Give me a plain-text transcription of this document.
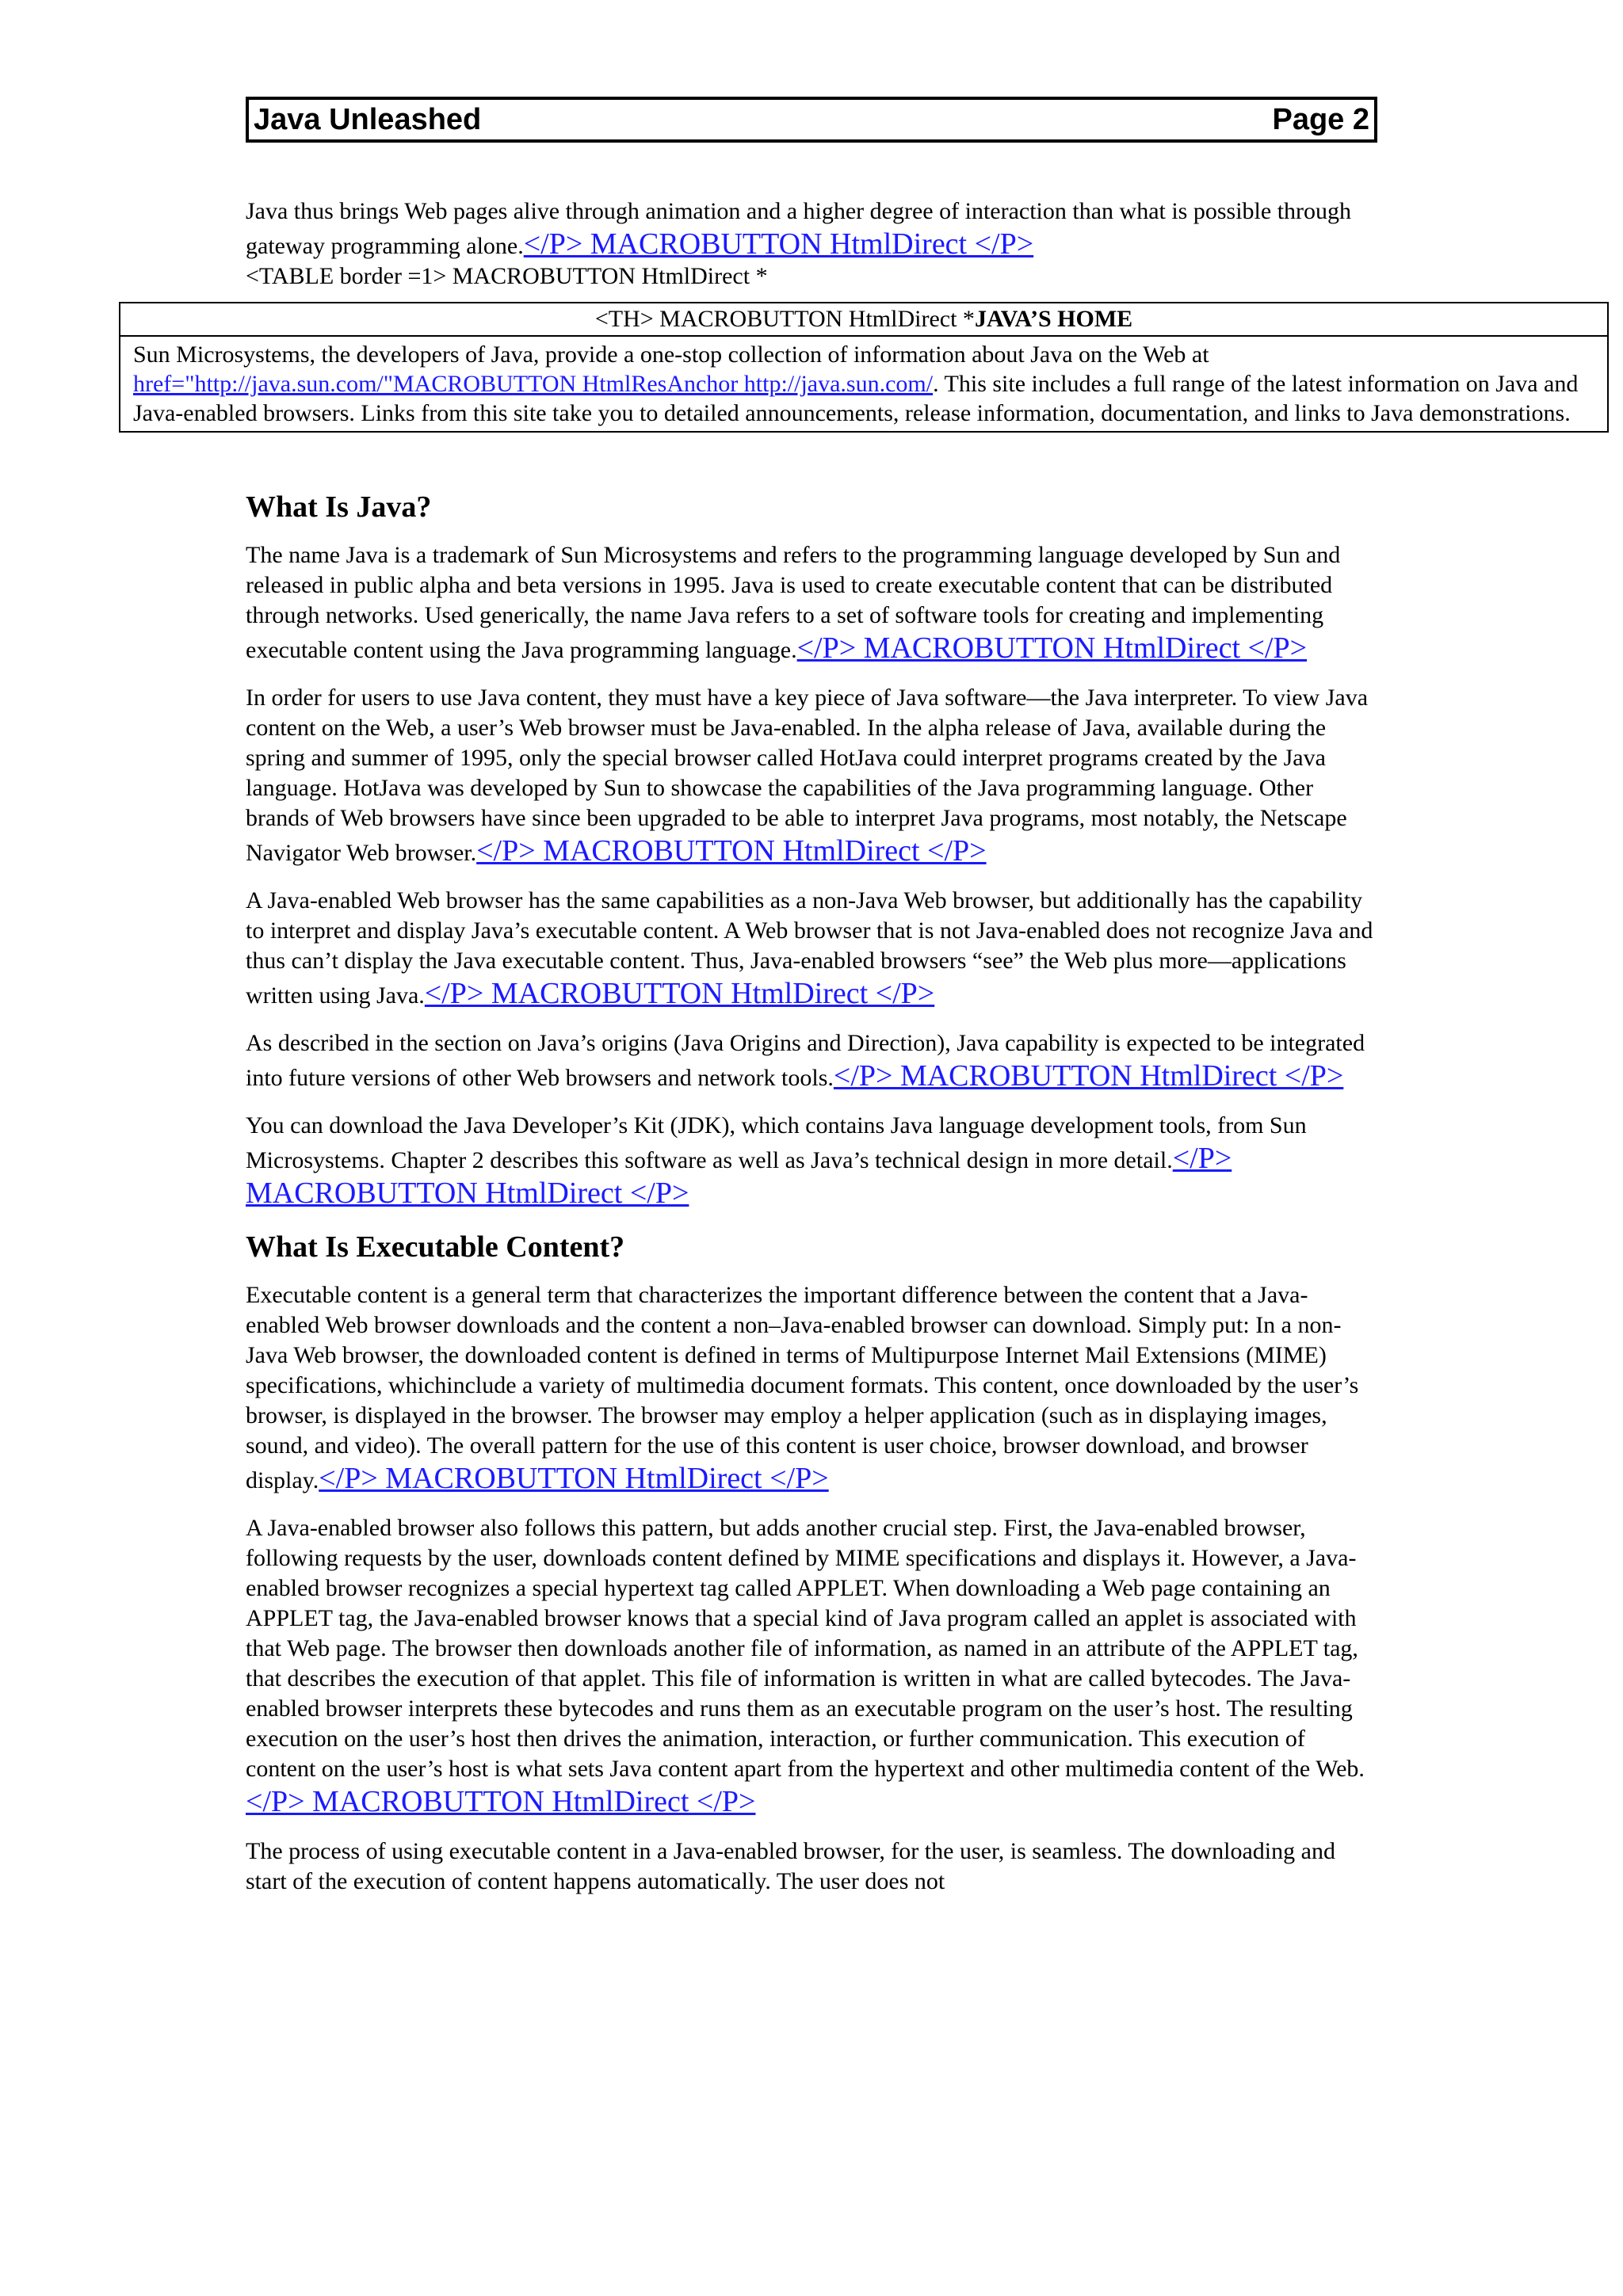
Java Unleashed	Page 2
Java thus brings Web pages alive through animation and a higher degree of interaction than what is possible through gateway programming alone.</P> MACROBUTTON HtmlDirect </P>
<TABLE border =1> MACROBUTTON HtmlDirect *
<TH> MACROBUTTON HtmlDirect *JAVA’S HOME
Sun Microsystems, the developers of Java, provide a one-stop collection of information about Java on the Web at href="http://java.sun.com/"MACROBUTTON HtmlResAnchor http://java.sun.com/. This site includes a full range of the latest information on Java and Java-enabled browsers. Links from this site take you to detailed announcements, release information, documentation, and links to Java demonstrations.
What Is Java?

The name Java is a trademark of Sun Microsystems and refers to the programming language developed by Sun and released in public alpha and beta versions in 1995. Java is used to create executable content that can be distributed through networks. Used generically, the name Java refers to a set of software tools for creating and implementing executable content using the Java programming language.</P> MACROBUTTON HtmlDirect </P>

In order for users to use Java content, they must have a key piece of Java software—the Java interpreter. To view Java content on the Web, a user’s Web browser must be Java-enabled. In the alpha release of Java, available during the spring and summer of 1995, only the special browser called HotJava could interpret programs created by the Java language. HotJava was developed by Sun to showcase the capabilities of the Java programming language. Other brands of Web browsers have since been upgraded to be able to interpret Java programs, most notably, the Netscape Navigator Web browser.</P> MACROBUTTON HtmlDirect </P>

A Java-enabled Web browser has the same capabilities as a non-Java Web browser, but additionally has the capability to interpret and display Java’s executable content. A Web browser that is not Java-enabled does not recognize Java and thus can’t display the Java executable content. Thus, Java-enabled browsers “see” the Web plus more—applications written using Java.</P> MACROBUTTON HtmlDirect </P>

As described in the section on Java’s origins (Java Origins and Direction), Java capability is expected to be integrated into future versions of other Web browsers and network tools.</P> MACROBUTTON HtmlDirect </P>

You can download the Java Developer’s Kit (JDK), which contains Java language development tools, from Sun Microsystems. Chapter 2 describes this software as well as Java’s technical design in more detail.</P> MACROBUTTON HtmlDirect </P>

What Is Executable Content?

Executable content is a general term that characterizes the important difference between the content that a Java-enabled Web browser downloads and the content a non–Java-enabled browser can download. Simply put: In a non-Java Web browser, the downloaded content is defined in terms of Multipurpose Internet Mail Extensions (MIME) specifications, whichinclude a variety of multimedia document formats. This content, once downloaded by the user’s browser, is displayed in the browser. The browser may employ a helper application (such as in displaying images, sound, and video). The overall pattern for the use of this content is user choice, browser download, and browser display.</P> MACROBUTTON HtmlDirect </P>

A Java-enabled browser also follows this pattern, but adds another crucial step. First, the Java-enabled browser, following requests by the user, downloads content defined by MIME specifications and displays it. However, a Java-enabled browser recognizes a special hypertext tag called APPLET. When downloading a Web page containing an APPLET tag, the Java-enabled browser knows that a special kind of Java program called an applet is associated with that Web page. The browser then downloads another file of information, as named in an attribute of the APPLET tag, that describes the execution of that applet. This file of information is written in what are called bytecodes. The Java-enabled browser interprets these bytecodes and runs them as an executable program on the user’s host. The resulting execution on the user’s host then drives the animation, interaction, or further communication. This execution of content on the user’s host is what sets Java content apart from the hypertext and other multimedia content of the Web.</P> MACROBUTTON HtmlDirect </P>

The process of using executable content in a Java-enabled browser, for the user, is seamless. The downloading and start of the execution of content happens automatically. The user does not
